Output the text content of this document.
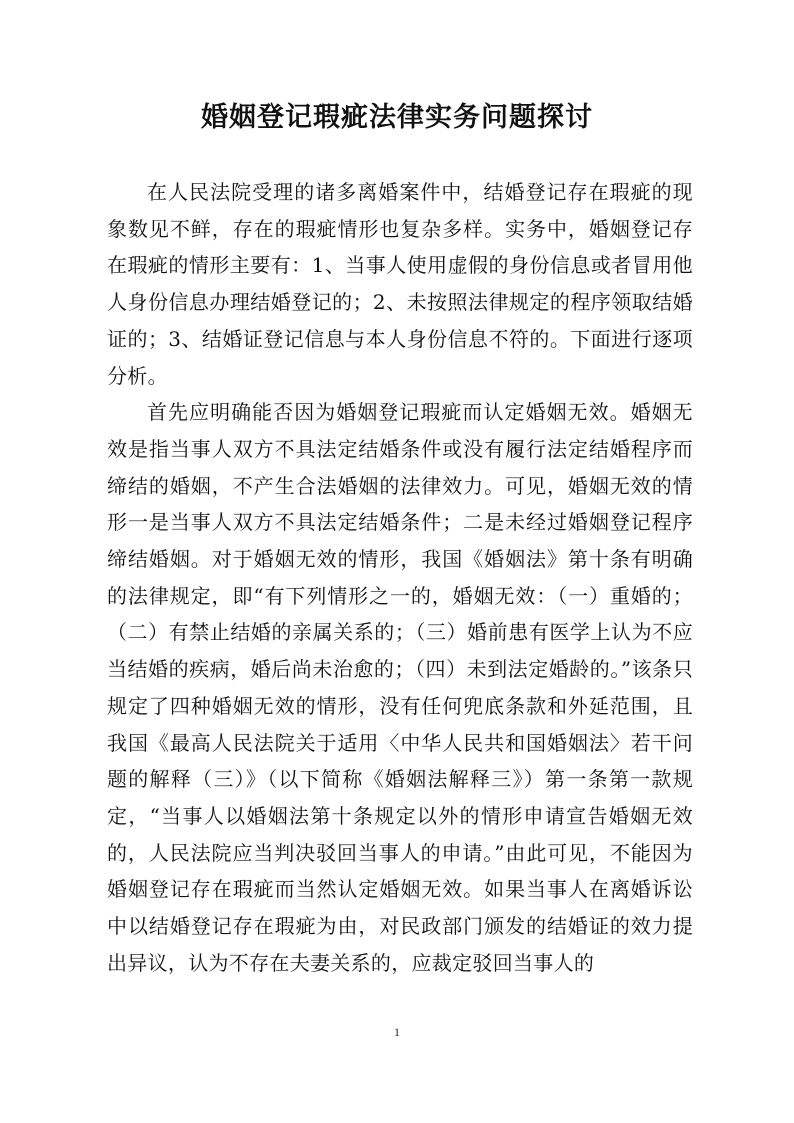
婚姻登记瑕疵法律实务问题探讨

在人民法院受理的诸多离婚案件中，结婚登记存在瑕疵的现象数见不鲜，存在的瑕疵情形也复杂多样。实务中，婚姻登记存在瑕疵的情形主要有：1、当事人使用虚假的身份信息或者冒用他人身份信息办理结婚登记的；2、未按照法律规定的程序领取结婚证的；3、结婚证登记信息与本人身份信息不符的。下面进行逐项分析。

首先应明确能否因为婚姻登记瑕疵而认定婚姻无效。婚姻无效是指当事人双方不具法定结婚条件或没有履行法定结婚程序而缔结的婚姻，不产生合法婚姻的法律效力。可见，婚姻无效的情形一是当事人双方不具法定结婚条件；二是未经过婚姻登记程序缔结婚姻。对于婚姻无效的情形，我国《婚姻法》第十条有明确的法律规定，即“有下列情形之一的，婚姻无效：（一）重婚的；（二）有禁止结婚的亲属关系的；（三）婚前患有医学上认为不应当结婚的疾病，婚后尚未治愈的；（四）未到法定婚龄的。”该条只规定了四种婚姻无效的情形，没有任何兜底条款和外延范围，且我国《最高人民法院关于适用〈中华人民共和国婚姻法〉若干问题的解释（三）》（以下简称《婚姻法解释三》）第一条第一款规定，“当事人以婚姻法第十条规定以外的情形申请宣告婚姻无效的，人民法院应当判决驳回当事人的申请。”由此可见，不能因为婚姻登记存在瑕疵而当然认定婚姻无效。如果当事人在离婚诉讼中以结婚登记存在瑕疵为由，对民政部门颁发的结婚证的效力提出异议，认为不存在夫妻关系的，应裁定驳回当事人的

1
